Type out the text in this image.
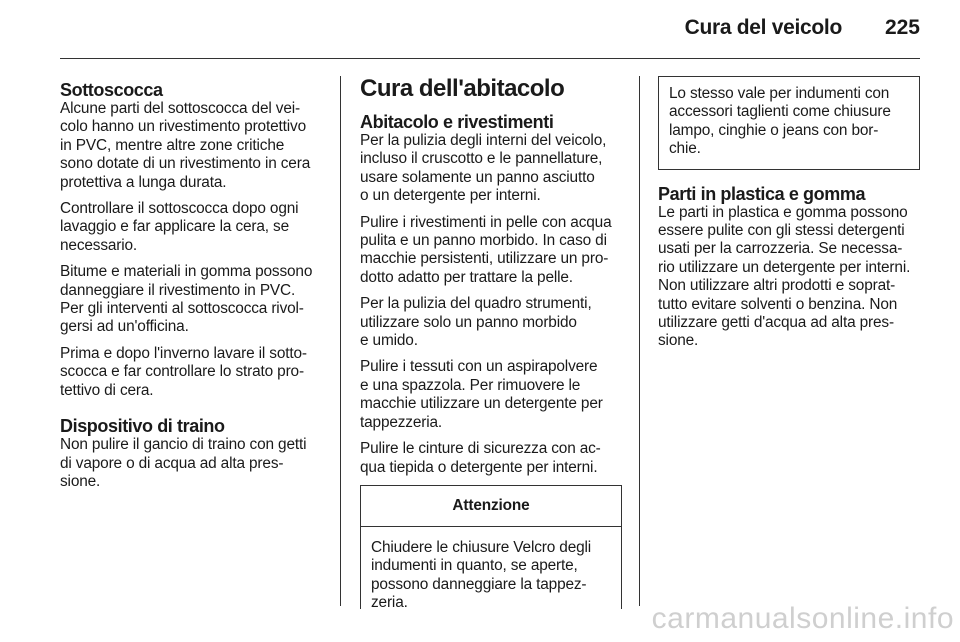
Cura del veicolo 225
Sottoscocca

Alcune parti del sottoscocca del vei-
colo hanno un rivestimento protettivo
in PVC, mentre altre zone critiche
sono dotate di un rivestimento in cera
protettiva a lunga durata.

Controllare il sottoscocca dopo ogni
lavaggio e far applicare la cera, se
necessario.

Bitume e materiali in gomma possono
danneggiare il rivestimento in PVC.
Per gli interventi al sottoscocca rivol-
gersi ad un'officina.

Prima e dopo l'inverno lavare il sotto-
scocca e far controllare lo strato pro-
tettivo di cera.

Dispositivo di traino

Non pulire il gancio di traino con getti
di vapore o di acqua ad alta pres-
sione.

Cura dell'abitacolo
Abitacolo e rivestimenti

Per la pulizia degli interni del veicolo,
incluso il cruscotto e le pannellature,
usare solamente un panno asciutto
o un detergente per interni.

Pulire i rivestimenti in pelle con acqua
pulita e un panno morbido. In caso di
macchie persistenti, utilizzare un pro-
dotto adatto per trattare la pelle.

Per la pulizia del quadro strumenti,
utilizzare solo un panno morbido
e umido.

Pulire i tessuti con un aspirapolvere
e una spazzola. Per rimuovere le
macchie utilizzare un detergente per
tappezzeria.

Pulire le cinture di sicurezza con ac-
qua tiepida o detergente per interni.

Attenzione
Chiudere le chiusure Velcro degli
indumenti in quanto, se aperte,
possono danneggiare la tappez-
zeria.

Lo stesso vale per indumenti con
accessori taglienti come chiusure
lampo, cinghie o jeans con bor-
chie.

Parti in plastica e gomma

Le parti in plastica e gomma possono
essere pulite con gli stessi detergenti
usati per la carrozzeria. Se necessa-
rio utilizzare un detergente per interni.
Non utilizzare altri prodotti e soprat-
tutto evitare solventi o benzina. Non
utilizzare getti d'acqua ad alta pres-
sione.

carmanualsonline.info
